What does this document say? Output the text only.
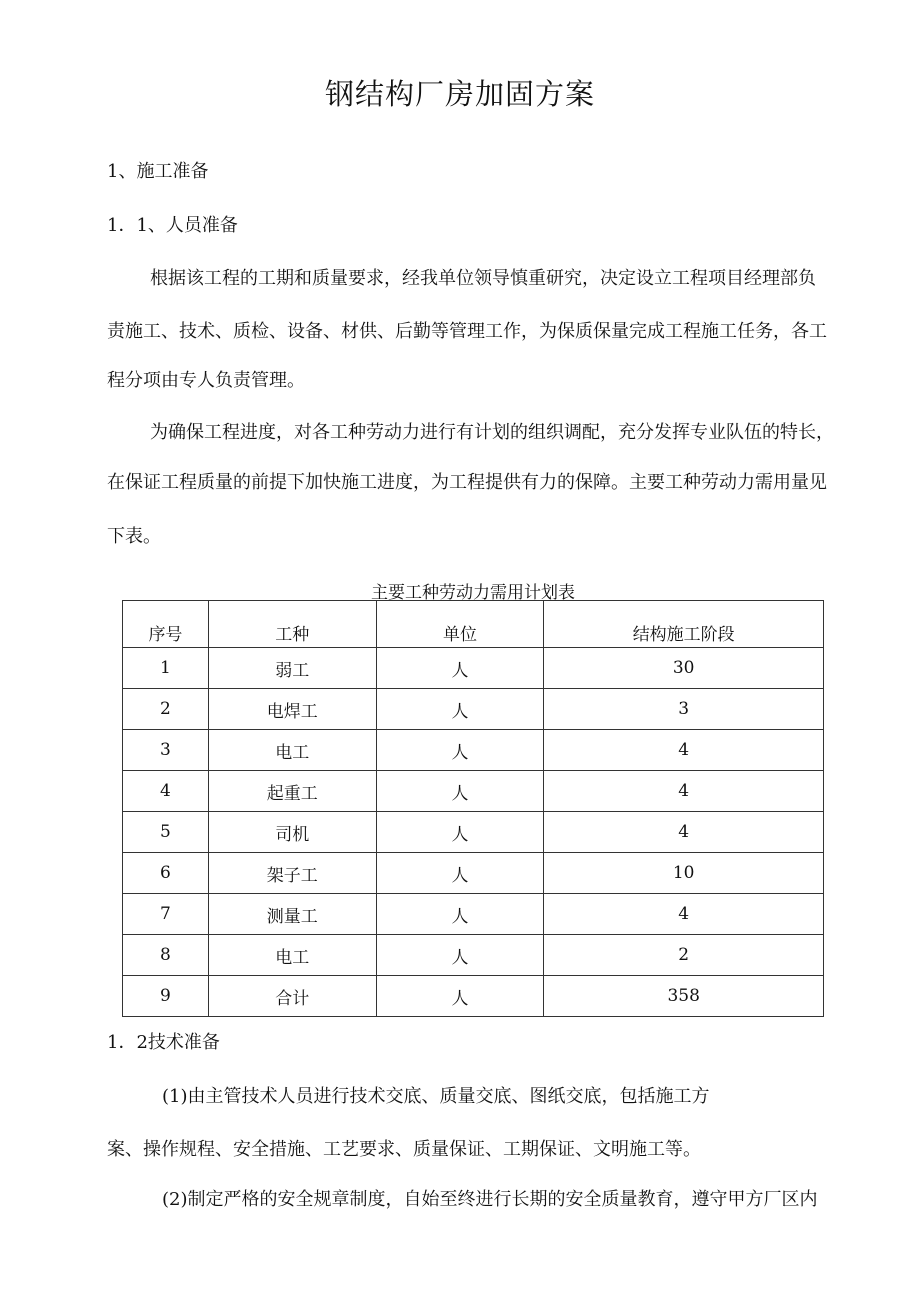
钢结构厂房加固方案

1、施工准备

1．1、人员准备

根据该工程的工期和质量要求，经我单位领导慎重研究，决定设立工程项目经理部负

责施工、技术、质检、设备、材供、后勤等管理工作，为保质保量完成工程施工任务，各工

程分项由专人负责管理。

为确保工程进度，对各工种劳动力进行有计划的组织调配，充分发挥专业队伍的特长，

在保证工程质量的前提下加快施工进度，为工程提供有力的保障。主要工种劳动力需用量见

下表。

主要工种劳动力需用计划表

序号	工种	单位	结构施工阶段
1	弱工	人	30
2	电焊工	人	3
3	电工	人	4
4	起重工	人	4
5	司机	人	4
6	架子工	人	10
7	测量工	人	4
8	电工	人	2
9	合计	人	358

1．2技术准备

(1)由主管技术人员进行技术交底、质量交底、图纸交底，包括施工方

案、操作规程、安全措施、工艺要求、质量保证、工期保证、文明施工等。

(2)制定严格的安全规章制度，自始至终进行长期的安全质量教育，遵守甲方厂区内
